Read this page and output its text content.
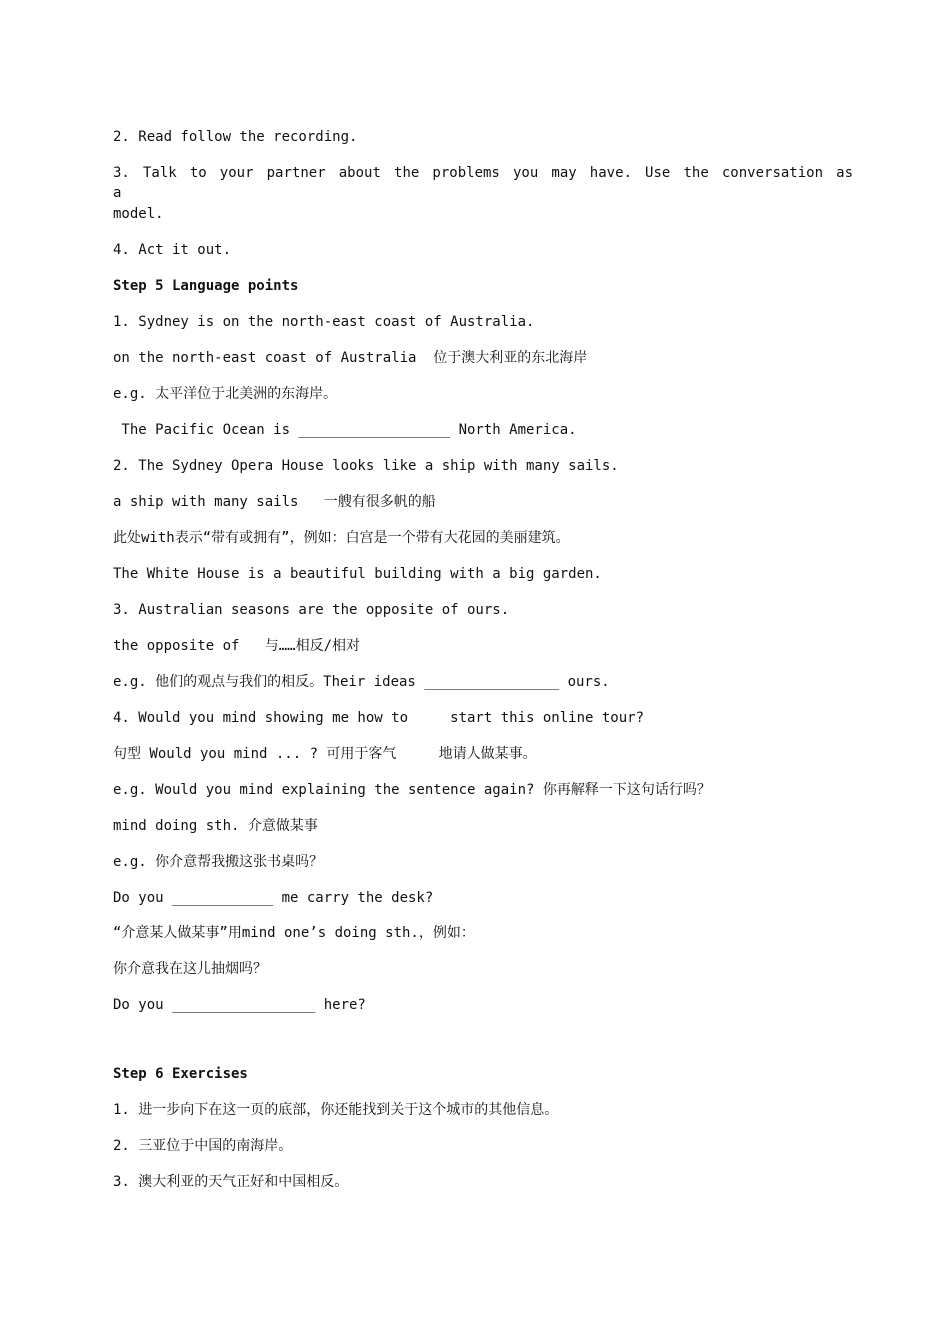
2. Read follow the recording.
3. Talk to your partner about the problems you may have. Use the conversation as a
model.
4. Act it out.
Step 5 Language points
1. Sydney is on the north-east coast of Australia.
on the north-east coast of Australia  位于澳大利亚的东北海岸
e.g. 太平洋位于北美洲的东海岸。
The Pacific Ocean is __________________ North America.
2. The Sydney Opera House looks like a ship with many sails.
a ship with many sails   一艘有很多帆的船
此处with表示“带有或拥有”，例如：白宫是一个带有大花园的美丽建筑。
The White House is a beautiful building with a big garden.
3. Australian seasons are the opposite of ours.
the opposite of   与……相反/相对
e.g. 他们的观点与我们的相反。Their ideas ________________ ours.
4. Would you mind showing me how to     start this online tour?
句型 Would you mind ... ? 可用于客气     地请人做某事。
e.g. Would you mind explaining the sentence again? 你再解释一下这句话行吗？
mind doing sth. 介意做某事
e.g. 你介意帮我搬这张书桌吗？
Do you ____________ me carry the desk?
“介意某人做某事”用mind one’s doing sth.，例如：
你介意我在这儿抽烟吗？
Do you _________________ here?
Step 6 Exercises
1. 进一步向下在这一页的底部，你还能找到关于这个城市的其他信息。
2. 三亚位于中国的南海岸。
3. 澳大利亚的天气正好和中国相反。
